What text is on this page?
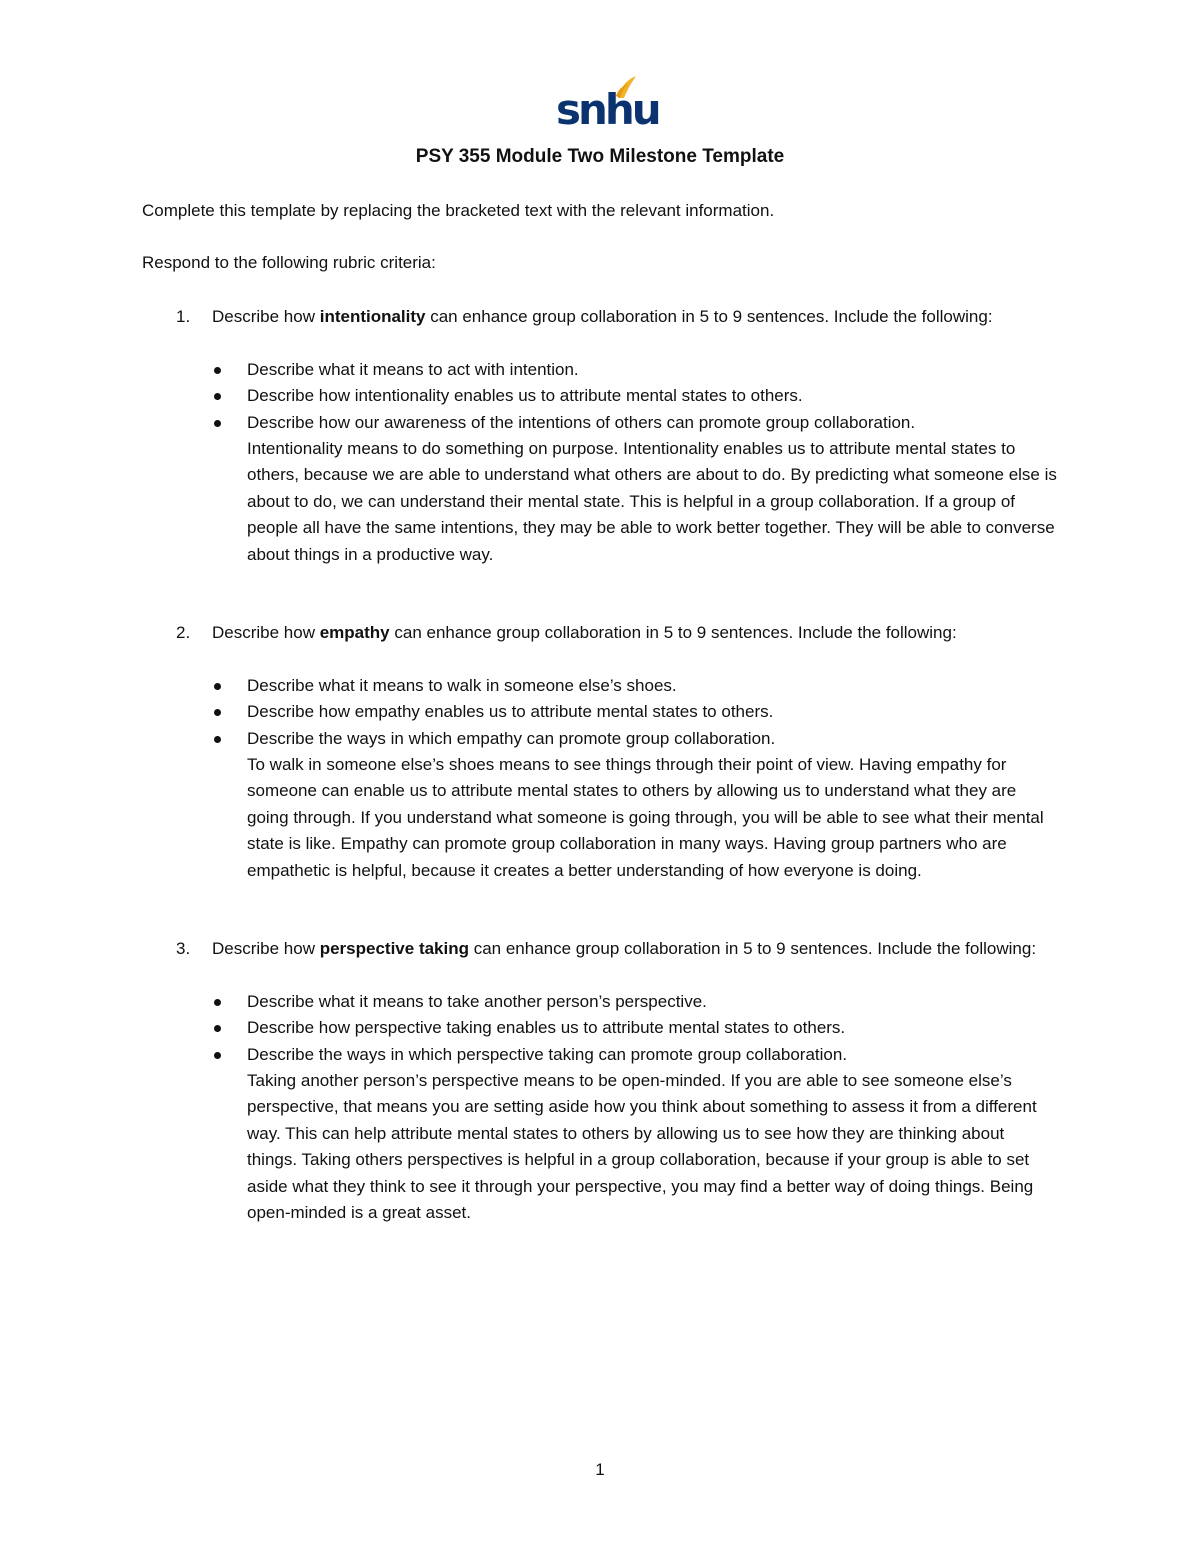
snhu
PSY 355 Module Two Milestone Template
Complete this template by replacing the bracketed text with the relevant information.
Respond to the following rubric criteria:
1. Describe how intentionality can enhance group collaboration in 5 to 9 sentences. Include the following:
Describe what it means to act with intention.
Describe how intentionality enables us to attribute mental states to others.
Describe how our awareness of the intentions of others can promote group collaboration.
Intentionality means to do something on purpose. Intentionality enables us to attribute mental states to others, because we are able to understand what others are about to do. By predicting what someone else is about to do, we can understand their mental state. This is helpful in a group collaboration. If a group of people all have the same intentions, they may be able to work better together. They will be able to converse about things in a productive way.
2. Describe how empathy can enhance group collaboration in 5 to 9 sentences. Include the following:
Describe what it means to walk in someone else’s shoes.
Describe how empathy enables us to attribute mental states to others.
Describe the ways in which empathy can promote group collaboration.
To walk in someone else’s shoes means to see things through their point of view. Having empathy for someone can enable us to attribute mental states to others by allowing us to understand what they are going through. If you understand what someone is going through, you will be able to see what their mental state is like. Empathy can promote group collaboration in many ways. Having group partners who are empathetic is helpful, because it creates a better understanding of how everyone is doing.
3. Describe how perspective taking can enhance group collaboration in 5 to 9 sentences. Include the following:
Describe what it means to take another person’s perspective.
Describe how perspective taking enables us to attribute mental states to others.
Describe the ways in which perspective taking can promote group collaboration.
Taking another person’s perspective means to be open-minded. If you are able to see someone else’s perspective, that means you are setting aside how you think about something to assess it from a different way. This can help attribute mental states to others by allowing us to see how they are thinking about things. Taking others perspectives is helpful in a group collaboration, because if your group is able to set aside what they think to see it through your perspective, you may find a better way of doing things. Being open-minded is a great asset.
1
